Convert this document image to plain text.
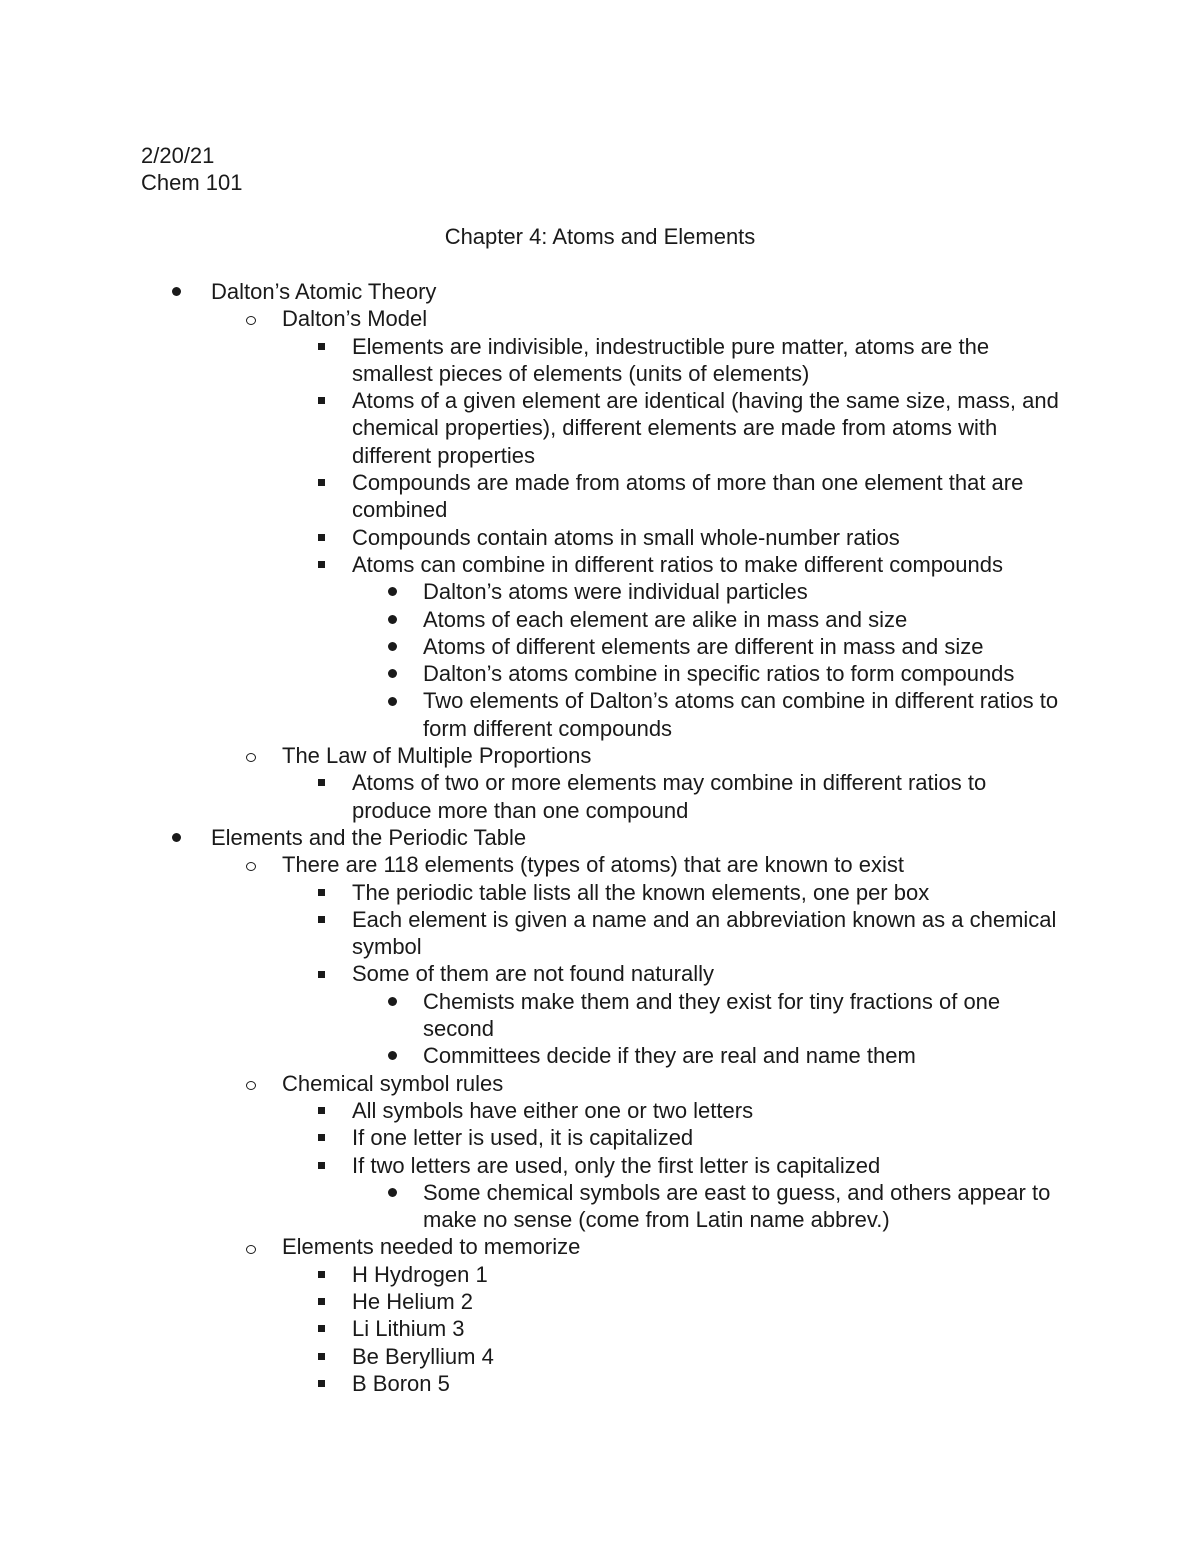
2/20/21
Chem 101
Chapter 4: Atoms and Elements
Dalton’s Atomic Theory
Dalton’s Model
Elements are indivisible, indestructible pure matter, atoms are the smallest pieces of elements (units of elements)
Atoms of a given element are identical (having the same size, mass, and chemical properties), different elements are made from atoms with different properties
Compounds are made from atoms of more than one element that are combined
Compounds contain atoms in small whole-number ratios
Atoms can combine in different ratios to make different compounds
Dalton’s atoms were individual particles
Atoms of each element are alike in mass and size
Atoms of different elements are different in mass and size
Dalton’s atoms combine in specific ratios to form compounds
Two elements of Dalton’s atoms can combine in different ratios to form different compounds
The Law of Multiple Proportions
Atoms of two or more elements may combine in different ratios to produce more than one compound
Elements and the Periodic Table
There are 118 elements (types of atoms) that are known to exist
The periodic table lists all the known elements, one per box
Each element is given a name and an abbreviation known as a chemical symbol
Some of them are not found naturally
Chemists make them and they exist for tiny fractions of one second
Committees decide if they are real and name them
Chemical symbol rules
All symbols have either one or two letters
If one letter is used, it is capitalized
If two letters are used, only the first letter is capitalized
Some chemical symbols are east to guess, and others appear to make no sense (come from Latin name abbrev.)
Elements needed to memorize
H Hydrogen 1
He Helium 2
Li Lithium 3
Be Beryllium 4
B Boron 5
